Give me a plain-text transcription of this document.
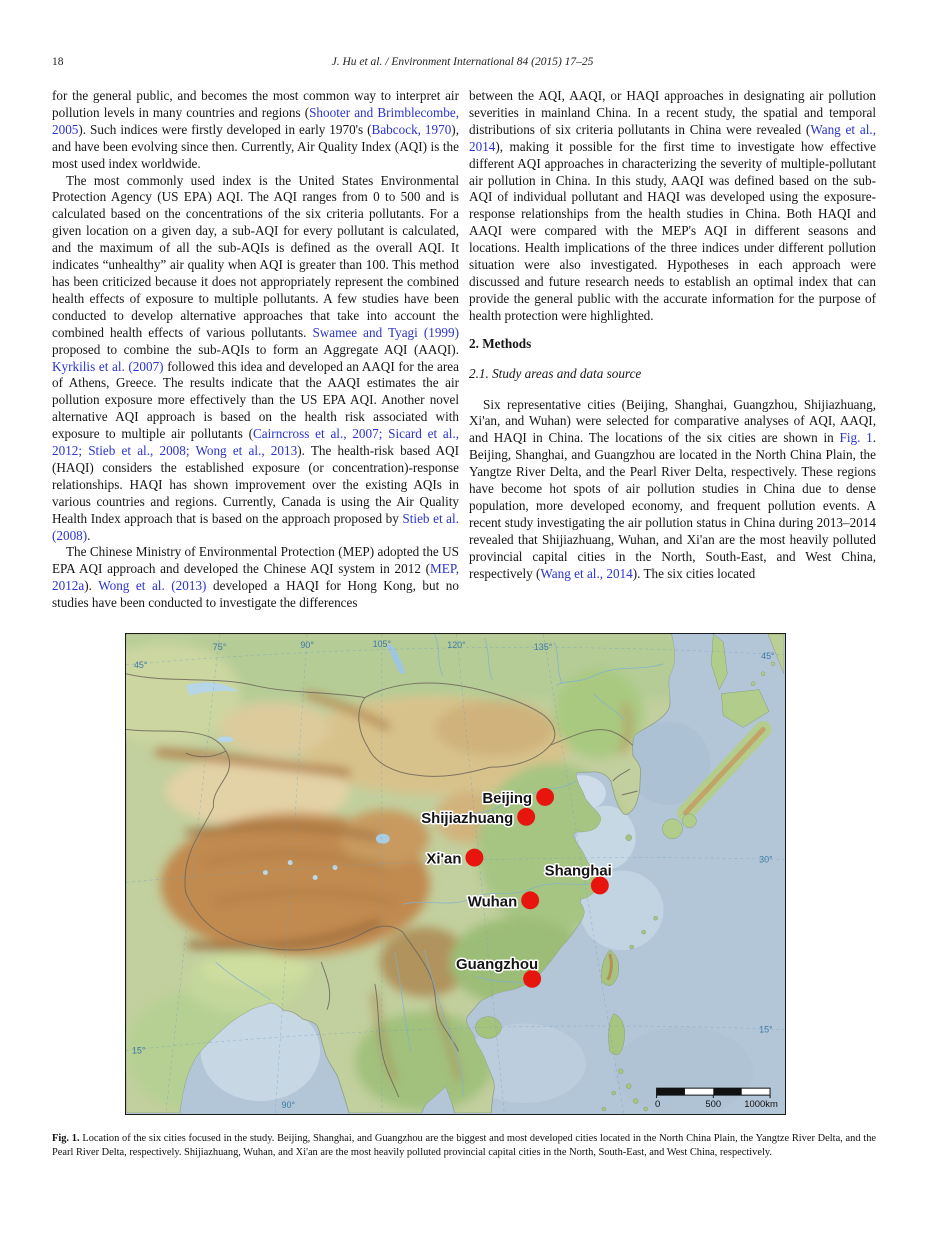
18	J. Hu et al. / Environment International 84 (2015) 17–25

for the general public, and becomes the most common way to interpret air pollution levels in many countries and regions (Shooter and Brimblecombe, 2005). Such indices were firstly developed in early 1970's (Babcock, 1970), and have been evolving since then. Currently, Air Quality Index (AQI) is the most used index worldwide.

The most commonly used index is the United States Environmental Protection Agency (US EPA) AQI. The AQI ranges from 0 to 500 and is calculated based on the concentrations of the six criteria pollutants. For a given location on a given day, a sub-AQI for every pollutant is calculated, and the maximum of all the sub-AQIs is defined as the overall AQI. It indicates “unhealthy” air quality when AQI is greater than 100. This method has been criticized because it does not appropriately represent the combined health effects of exposure to multiple pollutants. A few studies have been conducted to develop alternative approaches that take into account the combined health effects of various pollutants. Swamee and Tyagi (1999) proposed to combine the sub-AQIs to form an Aggregate AQI (AAQI). Kyrkilis et al. (2007) followed this idea and developed an AAQI for the area of Athens, Greece. The results indicate that the AAQI estimates the air pollution exposure more effectively than the US EPA AQI. Another novel alternative AQI approach is based on the health risk associated with exposure to multiple air pollutants (Cairncross et al., 2007; Sicard et al., 2012; Stieb et al., 2008; Wong et al., 2013). The health-risk based AQI (HAQI) considers the established exposure (or concentration)-response relationships. HAQI has shown improvement over the existing AQIs in various countries and regions. Currently, Canada is using the Air Quality Health Index approach that is based on the approach proposed by Stieb et al. (2008).

The Chinese Ministry of Environmental Protection (MEP) adopted the US EPA AQI approach and developed the Chinese AQI system in 2012 (MEP, 2012a). Wong et al. (2013) developed a HAQI for Hong Kong, but no studies have been conducted to investigate the differences

between the AQI, AAQI, or HAQI approaches in designating air pollution severities in mainland China. In a recent study, the spatial and temporal distributions of six criteria pollutants in China were revealed (Wang et al., 2014), making it possible for the first time to investigate how effective different AQI approaches in characterizing the severity of multiple-pollutant air pollution in China. In this study, AAQI was defined based on the sub-AQI of individual pollutant and HAQI was developed using the exposure-response relationships from the health studies in China. Both HAQI and AAQI were compared with the MEP's AQI in different seasons and locations. Health implications of the three indices under different pollution situation were also investigated. Hypotheses in each approach were discussed and future research needs to establish an optimal index that can provide the general public with the accurate information for the purpose of health protection were highlighted.

2. Methods
2.1. Study areas and data source

Six representative cities (Beijing, Shanghai, Guangzhou, Shijiazhuang, Xi'an, and Wuhan) were selected for comparative analyses of AQI, AAQI, and HAQI in China. The locations of the six cities are shown in Fig. 1. Beijing, Shanghai, and Guangzhou are located in the North China Plain, the Yangtze River Delta, and the Pearl River Delta, respectively. These regions have become hot spots of air pollution studies in China due to dense population, more developed economy, and frequent pollution events. A recent study investigating the air pollution status in China during 2013–2014 revealed that Shijiazhuang, Wuhan, and Xi'an are the most heavily polluted provincial capital cities in the North, South-East, and West China, respectively (Wang et al., 2014). The six cities located

75°	90°	105°	120°	135°
90°
45°
45°
30°
15°
15°
Beijing
Shijiazhuang
Xi'an
Shanghai
Wuhan
Guangzhou
0	500 1000km
Fig. 1. Location of the six cities focused in the study. Beijing, Shanghai, and Guangzhou are the biggest and most developed cities located in the North China Plain, the Yangtze River Delta, and the Pearl River Delta, respectively. Shijiazhuang, Wuhan, and Xi'an are the most heavily polluted provincial capital cities in the North, South-East, and West China, respectively.
